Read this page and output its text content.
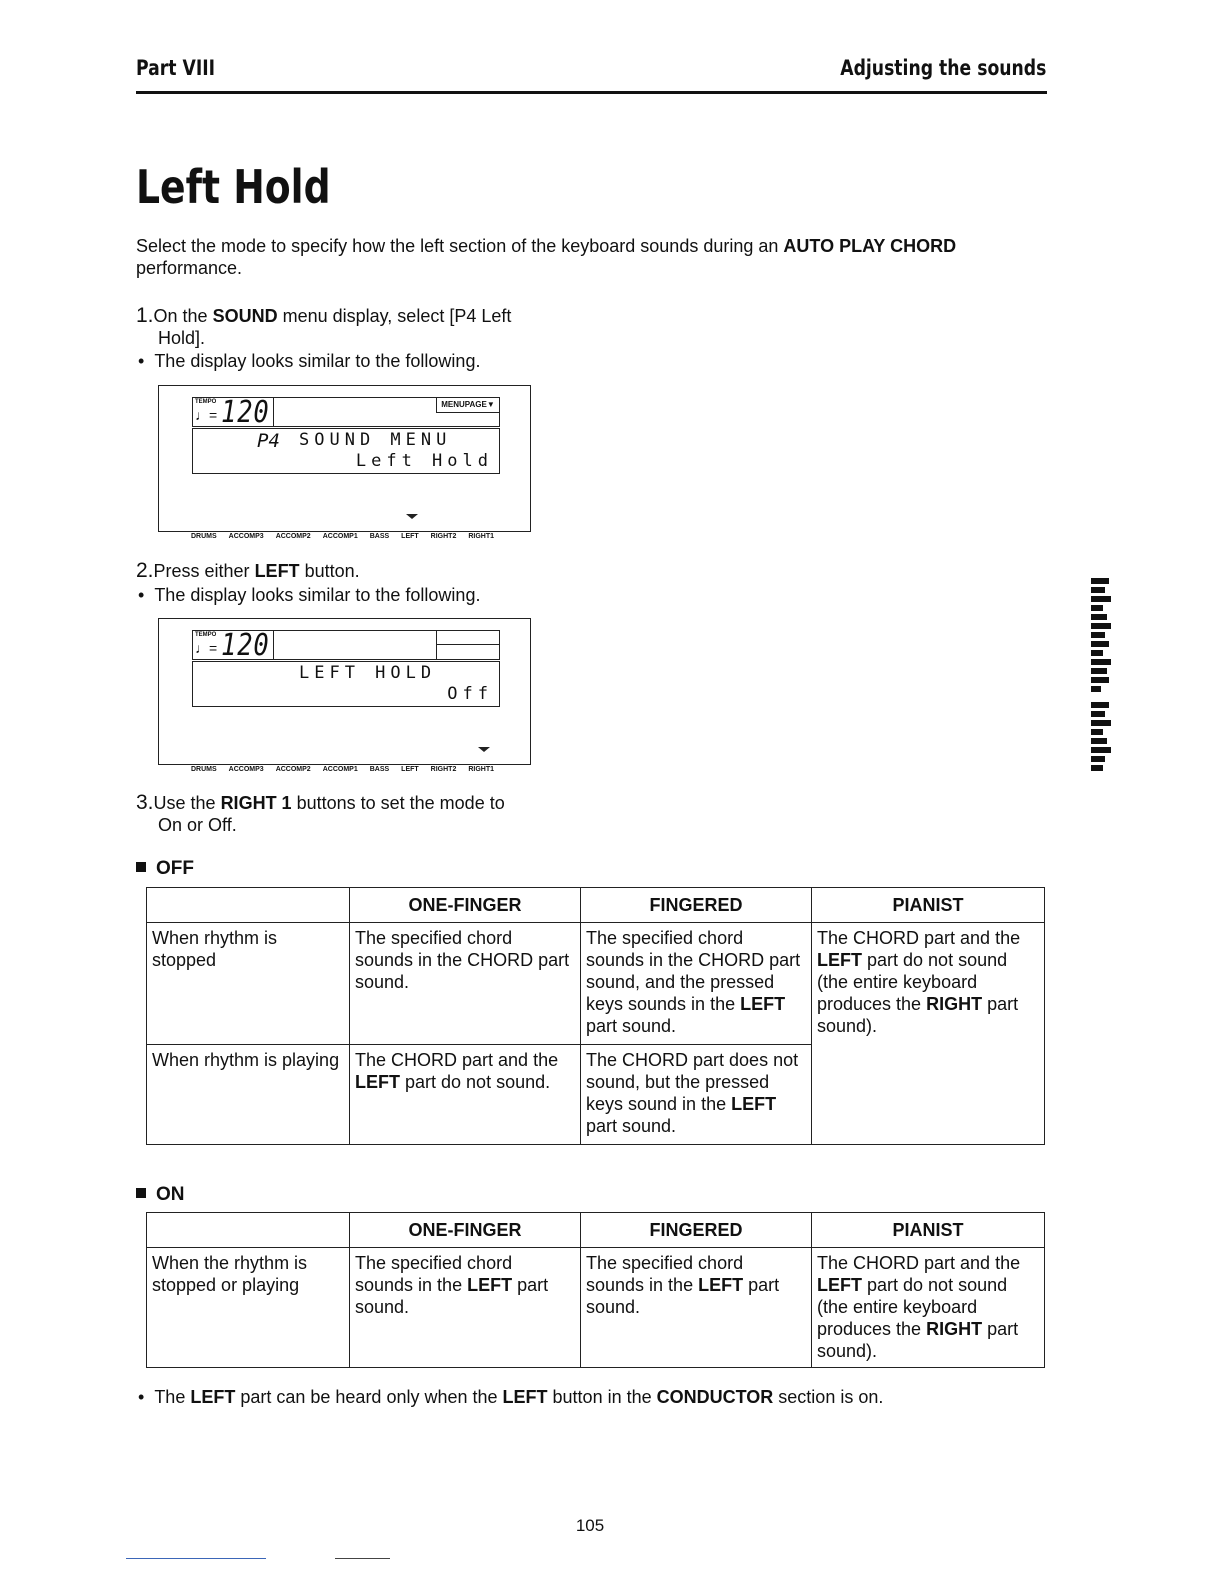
Part VIII	Adjusting the sounds
Left Hold
Select the mode to specify how the left section of the keyboard sounds during an AUTO PLAY CHORD performance.
1.On the SOUND menu display, select [P4 Left
Hold].
•  The display looks similar to the following.
TEMPO
♩= 120	MENUPAGE▼
P4 SOUND MENU
Left Hold
DRUMS ACCOMP3 ACCOMP2 ACCOMP1 BASS LEFT RIGHT2 RIGHT1
2.Press either LEFT button.
•  The display looks similar to the following.
TEMPO
♩= 120
LEFT HOLD
Off
DRUMS ACCOMP3 ACCOMP2 ACCOMP1 BASS LEFT RIGHT2 RIGHT1
3.Use the RIGHT 1 buttons to set the mode to
On or Off.
OFF
	ONE-FINGER	FINGERED	PIANIST
When rhythm is stopped	The specified chord sounds in the CHORD part sound.	The specified chord sounds in the CHORD part sound, and the pressed keys sounds in the LEFT part sound.	The CHORD part and the LEFT part do not sound (the entire keyboard produces the RIGHT part sound).
When rhythm is playing	The CHORD part and the LEFT part do not sound.	The CHORD part does not sound, but the pressed keys sound in the LEFT part sound.	
ON
	ONE-FINGER	FINGERED	PIANIST
When the rhythm is stopped or playing	The specified chord sounds in the LEFT part sound.	The specified chord sounds in the LEFT part sound.	The CHORD part and the LEFT part do not sound (the entire keyboard produces the RIGHT part sound).
•  The LEFT part can be heard only when the LEFT button in the CONDUCTOR section is on.
105
